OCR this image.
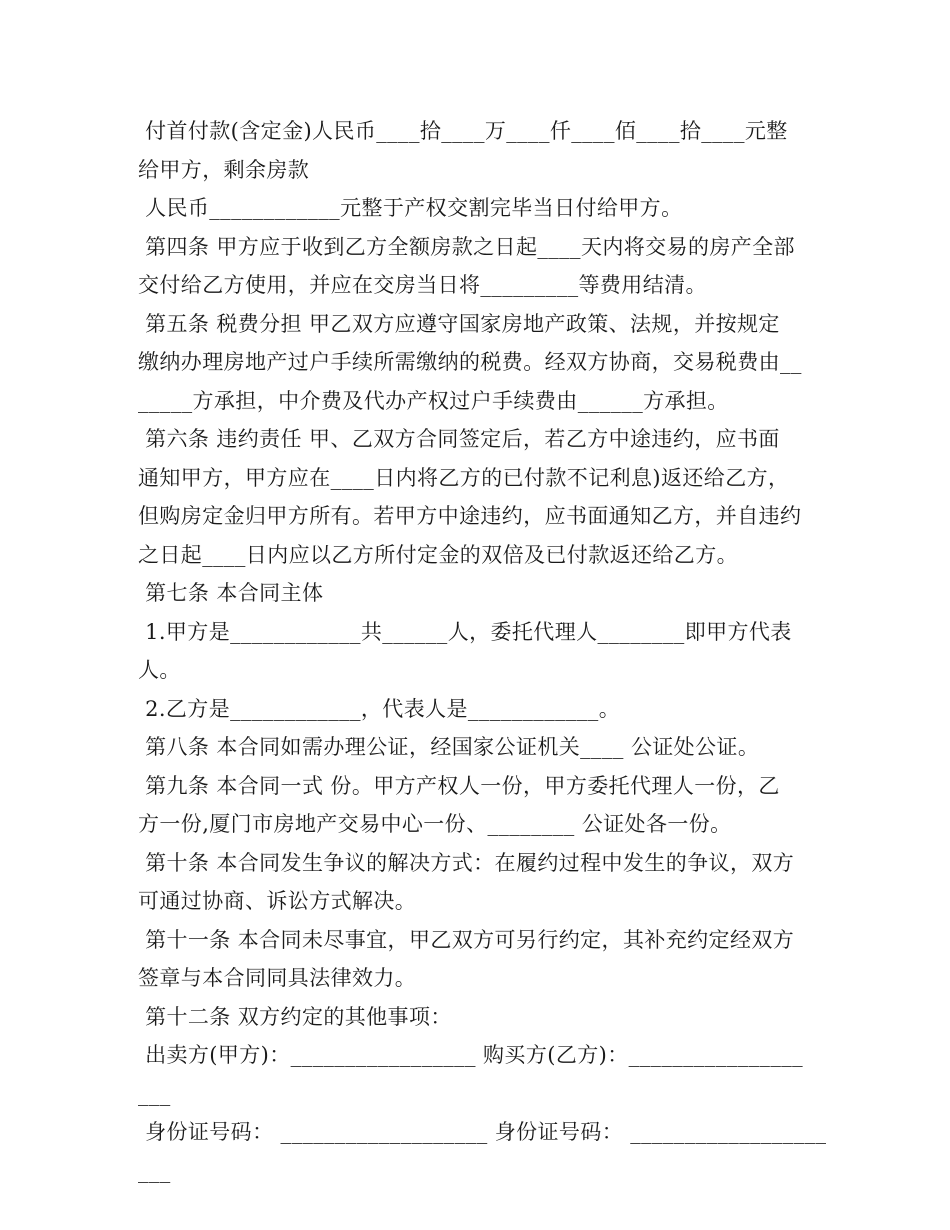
付首付款(含定金)人民币____拾____万____仟____佰____拾____元整
给甲方，剩余房款
人民币____________元整于产权交割完毕当日付给甲方。
第四条 甲方应于收到乙方全额房款之日起____天内将交易的房产全部
交付给乙方使用，并应在交房当日将_________等费用结清。
第五条 税费分担 甲乙双方应遵守国家房地产政策、法规，并按规定
缴纳办理房地产过户手续所需缴纳的税费。经双方协商，交易税费由__
_____方承担，中介费及代办产权过户手续费由______方承担。
第六条 违约责任 甲、乙双方合同签定后，若乙方中途违约，应书面
通知甲方，甲方应在____日内将乙方的已付款不记利息)返还给乙方，
但购房定金归甲方所有。若甲方中途违约，应书面通知乙方，并自违约
之日起____日内应以乙方所付定金的双倍及已付款返还给乙方。
第七条 本合同主体
1.甲方是____________共______人，委托代理人________即甲方代表
人。
2.乙方是____________，代表人是____________。
第八条 本合同如需办理公证，经国家公证机关____ 公证处公证。
第九条 本合同一式 份。甲方产权人一份，甲方委托代理人一份，乙
方一份,厦门市房地产交易中心一份、________ 公证处各一份。
第十条 本合同发生争议的解决方式：在履约过程中发生的争议，双方
可通过协商、诉讼方式解决。
第十一条 本合同未尽事宜，甲乙双方可另行约定，其补充约定经双方
签章与本合同同具法律效力。
第十二条 双方约定的其他事项：
出卖方(甲方)：_________________ 购买方(乙方)：________________
___
身份证号码： ___________________ 身份证号码： __________________
___
